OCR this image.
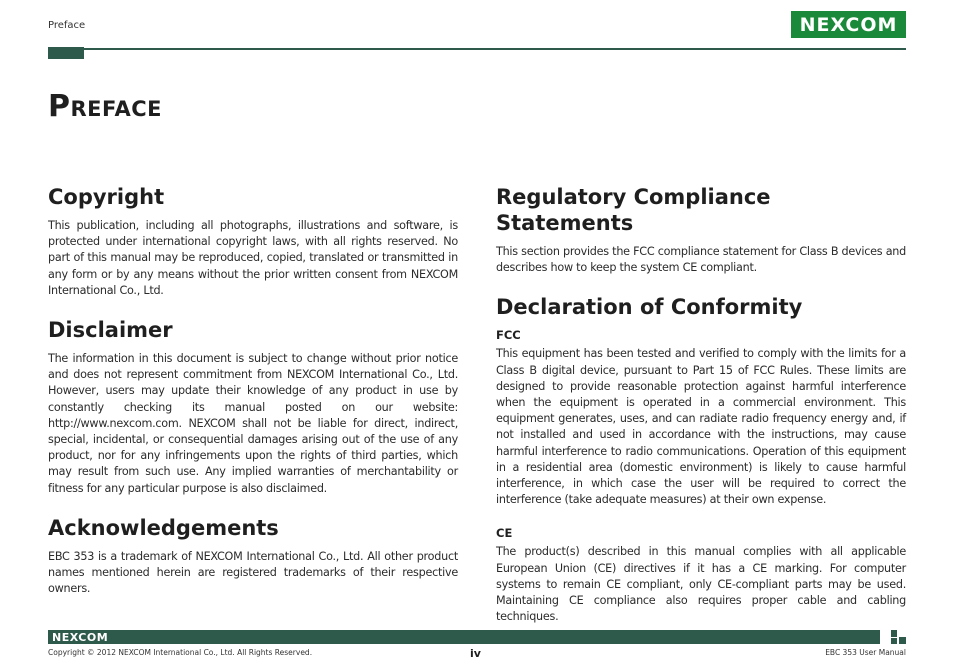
Preface	NEXCOM
Preface
Copyright

This publication, including all photographs, illustrations and software, is protected under international copyright laws, with all rights reserved. No part of this manual may be reproduced, copied, translated or transmitted in any form or by any means without the prior written consent from NEXCOM International Co., Ltd.

Disclaimer

The information in this document is subject to change without prior notice and does not represent commitment from NEXCOM International Co., Ltd. However, users may update their knowledge of any product in use by constantly checking its manual posted on our website: http://www.nexcom.com. NEXCOM shall not be liable for direct, indirect, special, incidental, or consequential damages arising out of the use of any product, nor for any infringements upon the rights of third parties, which may result from such use. Any implied warranties of merchantability or fitness for any particular purpose is also disclaimed.

Acknowledgements

EBC 353 is a trademark of NEXCOM International Co., Ltd. All other product names mentioned herein are registered trademarks of their respective owners.

Regulatory Compliance Statements

This section provides the FCC compliance statement for Class B devices and describes how to keep the system CE compliant.

Declaration of Conformity
FCC

This equipment has been tested and verified to comply with the limits for a Class B digital device, pursuant to Part 15 of FCC Rules. These limits are designed to provide reasonable protection against harmful interference when the equipment is operated in a commercial environment. This equipment generates, uses, and can radiate radio frequency energy and, if not installed and used in accordance with the instructions, may cause harmful interference to radio communications. Operation of this equipment in a residential area (domestic environment) is likely to cause harmful interference, in which case the user will be required to correct the interference (take adequate measures) at their own expense.

CE

The product(s) described in this manual complies with all applicable European Union (CE) directives if it has a CE marking. For computer systems to remain CE compliant, only CE-compliant parts may be used. Maintaining CE compliance also requires proper cable and cabling techniques.

NEXCOM
Copyright © 2012 NEXCOM International Co., Ltd. All Rights Reserved.	iv	EBC 353 User Manual
